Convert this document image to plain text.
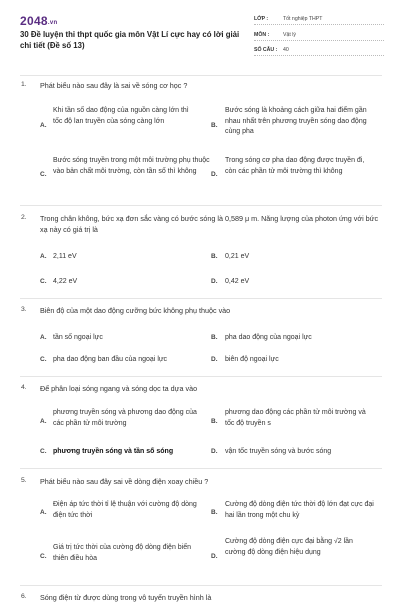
2048.vn
30 Đề luyện thi thpt quốc gia môn Vật Lí cực hay có lời giải chi tiết (Đề số 13)
LỚP :	Tốt nghiệp THPT
MÔN :	Vật lý
SỐ CÂU : 40
1. Phát biểu nào sau đây là sai về sóng cơ học ?
A.
Khi tần số dao động của nguồn càng lớn thì tốc độ lan truyền của sóng càng lớn
B.
Bước sóng là khoảng cách giữa hai điểm gần nhau nhất trên phương truyền sóng dao động cùng pha
C.
Bước sóng truyền trong một môi trường phụ thuộc vào bản chất môi trường, còn tần số thì không	D.
Trong sóng cơ pha dao động được truyền đi, còn các phần tử môi trường thì không
2. Trong chân không, bức xạ đơn sắc vàng có bước sóng là 0,589 μ m. Năng lượng của photon ứng với bức xạ này có giá trị là
A. 2,11 eV	B. 0,21 eV
C. 4,22 eV	D. 0,42 eV
3. Biên độ của một dao động cưỡng bức không phụ thuộc vào
A. tần số ngoại lực	B. pha dao động của ngoại lực
C. pha dao động ban đầu của ngoại lực	D. biên độ ngoại lực
4. Để phân loại sóng ngang và sóng dọc ta dựa vào
A.
phương truyền sóng và phương dao động của các phần tử môi trường	B.
phương dao động các phần tử môi trường và tốc độ truyền s
C. phương truyền sóng và tần số sóng	D. vận tốc truyền sóng và bước sóng
5. Phát biểu nào sau đây sai về dòng điện xoay chiều ?
A.
Điện áp tức thời tỉ lệ thuận với cường độ dòng điện tức thời	B.
Cường độ dòng điện tức thời độ lớn đạt cực đại hai lần trong một chu kỳ
C.
Giá trị tức thời của cường độ dòng điện biến thiên điều hòa	D.
Cường độ dòng điện cực đại bằng √2 lần cường độ dòng điện hiệu dụng
6. Sóng điện từ được dùng trong vô tuyến truyền hình là
